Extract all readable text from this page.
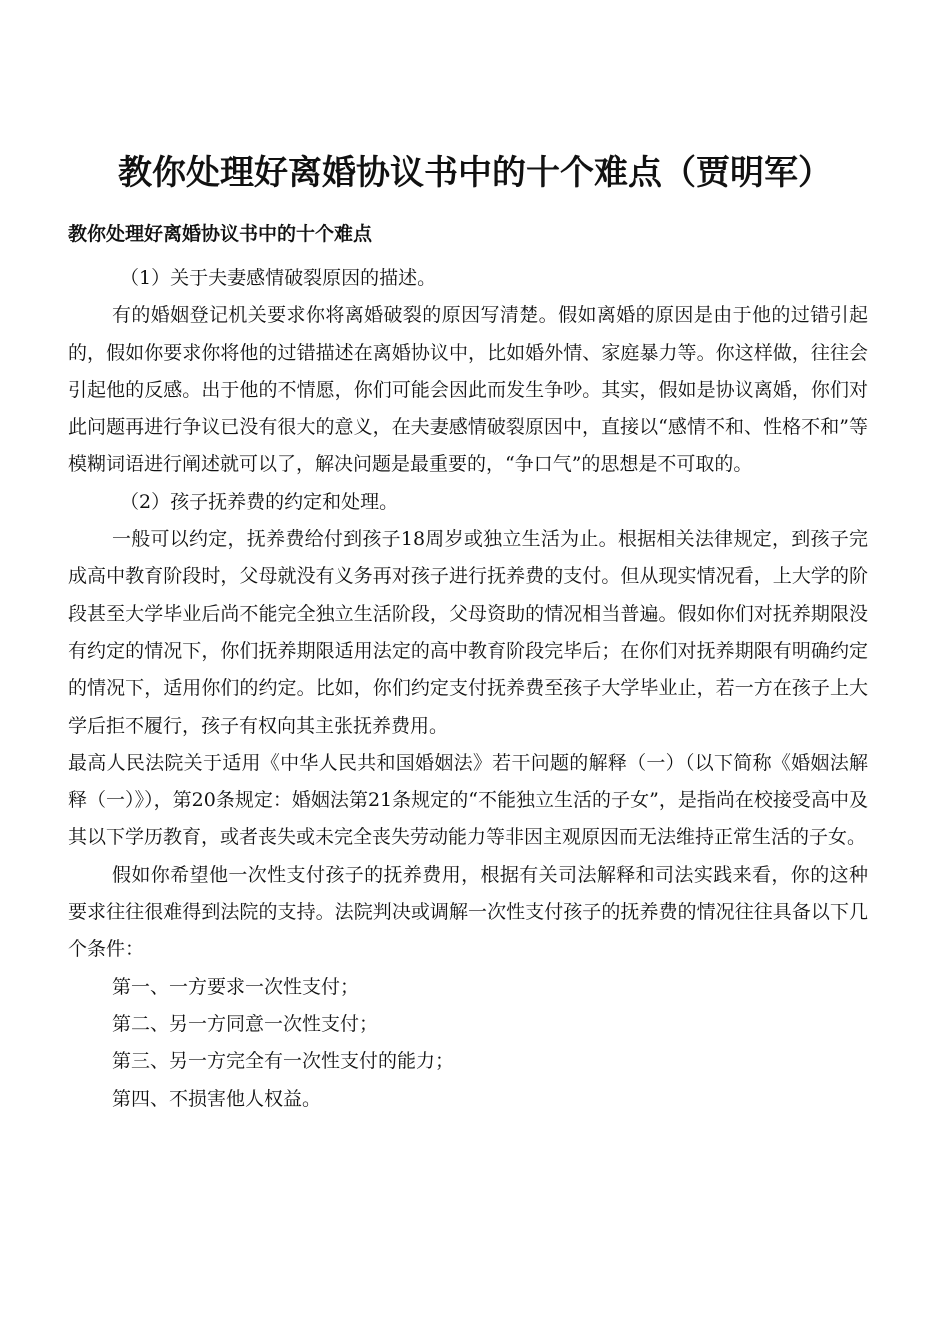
教你处理好离婚协议书中的十个难点（贾明军）
教你处理好离婚协议书中的十个难点

（1）关于夫妻感情破裂原因的描述。

有的婚姻登记机关要求你将离婚破裂的原因写清楚。假如离婚的原因是由于他的过错引起的，假如你要求你将他的过错描述在离婚协议中，比如婚外情、家庭暴力等。你这样做，往往会引起他的反感。出于他的不情愿，你们可能会因此而发生争吵。其实，假如是协议离婚，你们对此问题再进行争议已没有很大的意义，在夫妻感情破裂原因中，直接以“感情不和、性格不和”等模糊词语进行阐述就可以了，解决问题是最重要的，“争口气”的思想是不可取的。

（2）孩子抚养费的约定和处理。

一般可以约定，抚养费给付到孩子18周岁或独立生活为止。根据相关法律规定，到孩子完成高中教育阶段时，父母就没有义务再对孩子进行抚养费的支付。但从现实情况看，上大学的阶段甚至大学毕业后尚不能完全独立生活阶段，父母资助的情况相当普遍。假如你们对抚养期限没有约定的情况下，你们抚养期限适用法定的高中教育阶段完毕后；在你们对抚养期限有明确约定的情况下，适用你们的约定。比如，你们约定支付抚养费至孩子大学毕业止，若一方在孩子上大学后拒不履行，孩子有权向其主张抚养费用。

最高人民法院关于适用《中华人民共和国婚姻法》若干问题的解释（一）（以下简称《婚姻法解释（一）》），第20条规定：婚姻法第21条规定的“不能独立生活的子女”，是指尚在校接受高中及其以下学历教育，或者丧失或未完全丧失劳动能力等非因主观原因而无法维持正常生活的子女。

假如你希望他一次性支付孩子的抚养费用，根据有关司法解释和司法实践来看，你的这种要求往往很难得到法院的支持。法院判决或调解一次性支付孩子的抚养费的情况往往具备以下几个条件：

第一、一方要求一次性支付；

第二、另一方同意一次性支付；

第三、另一方完全有一次性支付的能力；

第四、不损害他人权益。
